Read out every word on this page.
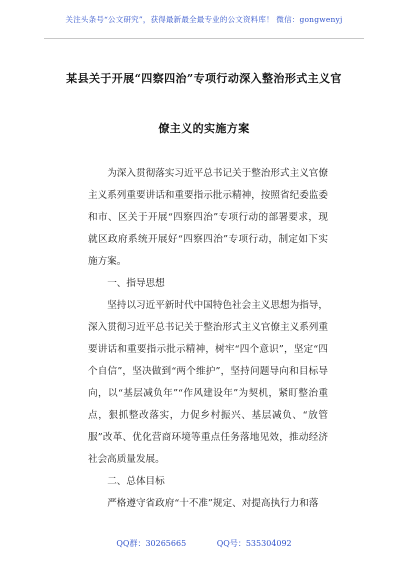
关注头条号“公文研究”，获得最新最全最专业的公文资料库！ 微信：gongwenyj
某县关于开展“四察四治”专项行动深入整治形式主义官
僚主义的实施方案

为深入贯彻落实习近平总书记关于整治形式主义官僚主义系列重要讲话和重要指示批示精神，按照省纪委监委和市、区关于开展“四察四治”专项行动的部署要求，现就区政府系统开展好“四察四治”专项行动，制定如下实施方案。

一、指导思想

坚持以习近平新时代中国特色社会主义思想为指导，深入贯彻习近平总书记关于整治形式主义官僚主义系列重要讲话和重要指示批示精神，树牢“四个意识”，坚定“四个自信”，坚决做到“两个维护”，坚持问题导向和目标导向，以“基层减负年”“作风建设年”为契机，紧盯整治重点，狠抓整改落实，力促乡村振兴、基层减负、“放管服”改革、优化营商环境等重点任务落地见效，推动经济社会高质量发展。

二、总体目标

严格遵守省政府“十不准”规定、对提高执行力和落

QQ群：30265665	QQ号：535304092
